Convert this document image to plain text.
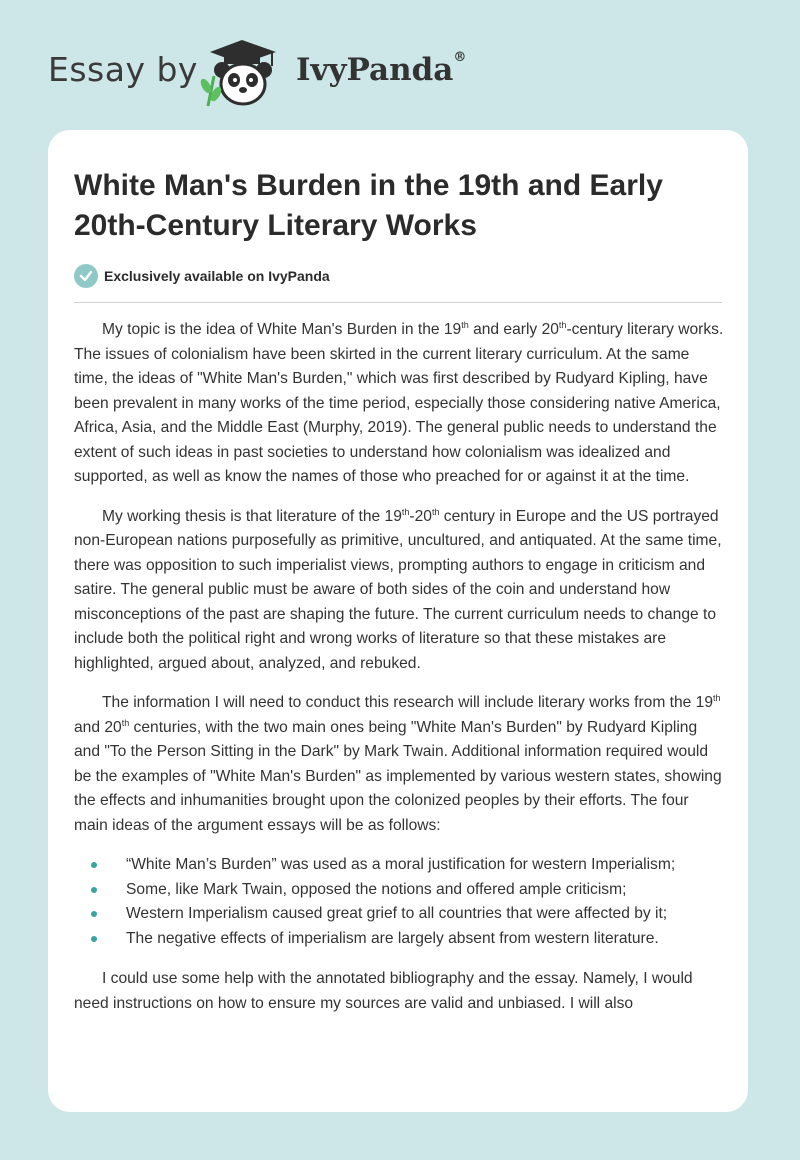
Essay by	IvyPanda®
White Man's Burden in the 19th and Early 20th-Century Literary Works
Exclusively available on IvyPanda

My topic is the idea of White Man's Burden in the 19th and early 20th-century literary works. The issues of colonialism have been skirted in the current literary curriculum. At the same time, the ideas of "White Man's Burden," which was first described by Rudyard Kipling, have been prevalent in many works of the time period, especially those considering native America, Africa, Asia, and the Middle East (Murphy, 2019). The general public needs to understand the extent of such ideas in past societies to understand how colonialism was idealized and supported, as well as know the names of those who preached for or against it at the time.

My working thesis is that literature of the 19th-20th century in Europe and the US portrayed non-European nations purposefully as primitive, uncultured, and antiquated. At the same time, there was opposition to such imperialist views, prompting authors to engage in criticism and satire. The general public must be aware of both sides of the coin and understand how misconceptions of the past are shaping the future. The current curriculum needs to change to include both the political right and wrong works of literature so that these mistakes are highlighted, argued about, analyzed, and rebuked.

The information I will need to conduct this research will include literary works from the 19th and 20th centuries, with the two main ones being "White Man's Burden" by Rudyard Kipling and "To the Person Sitting in the Dark" by Mark Twain. Additional information required would be the examples of "White Man's Burden" as implemented by various western states, showing the effects and inhumanities brought upon the colonized peoples by their efforts. The four main ideas of the argument essays will be as follows:

“White Man’s Burden” was used as a moral justification for western Imperialism;
Some, like Mark Twain, opposed the notions and offered ample criticism;
Western Imperialism caused great grief to all countries that were affected by it;
The negative effects of imperialism are largely absent from western literature.

I could use some help with the annotated bibliography and the essay. Namely, I would need instructions on how to ensure my sources are valid and unbiased. I will also
